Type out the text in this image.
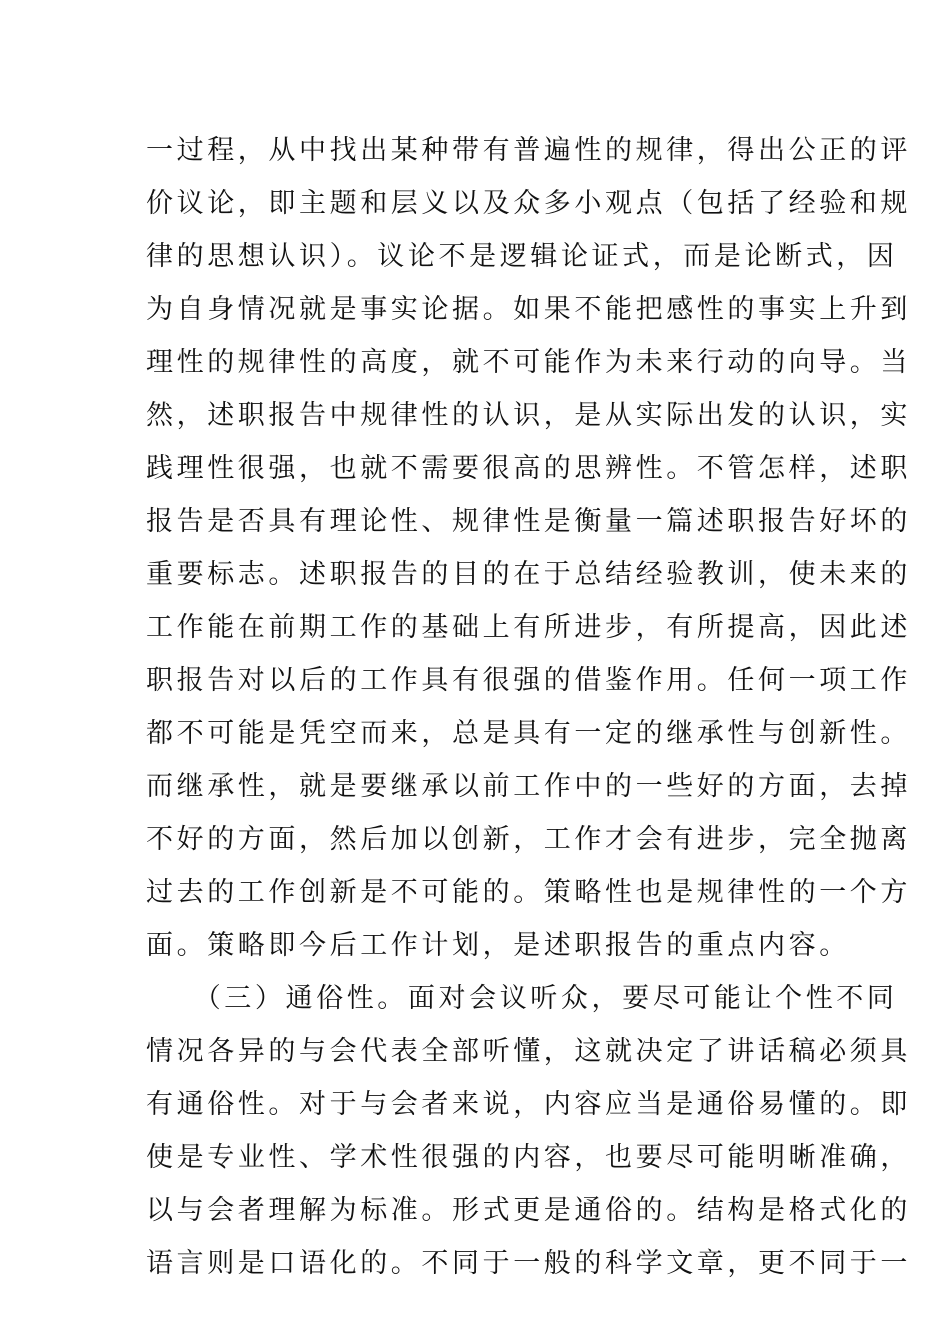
一过程，从中找出某种带有普遍性的规律，得出公正的评
价议论，即主题和层义以及众多小观点（包括了经验和规
律的思想认识）。议论不是逻辑论证式，而是论断式，因
为自身情况就是事实论据。如果不能把感性的事实上升到
理性的规律性的高度，就不可能作为未来行动的向导。当
然，述职报告中规律性的认识，是从实际出发的认识，实
践理性很强，也就不需要很高的思辨性。不管怎样，述职
报告是否具有理论性、规律性是衡量一篇述职报告好坏的
重要标志。述职报告的目的在于总结经验教训，使未来的
工作能在前期工作的基础上有所进步，有所提高，因此述
职报告对以后的工作具有很强的借鉴作用。任何一项工作
都不可能是凭空而来，总是具有一定的继承性与创新性。
而继承性，就是要继承以前工作中的一些好的方面，去掉
不好的方面，然后加以创新，工作才会有进步，完全抛离
过去的工作创新是不可能的。策略性也是规律性的一个方
面。策略即今后工作计划，是述职报告的重点内容。
　　（三）通俗性。面对会议听众，要尽可能让个性不同
情况各异的与会代表全部听懂，这就决定了讲话稿必须具
有通俗性。对于与会者来说，内容应当是通俗易懂的。即
使是专业性、学术性很强的内容，也要尽可能明晰准确，
以与会者理解为标准。形式更是通俗的。结构是格式化的
语言则是口语化的。不同于一般的科学文章，更不同于一
